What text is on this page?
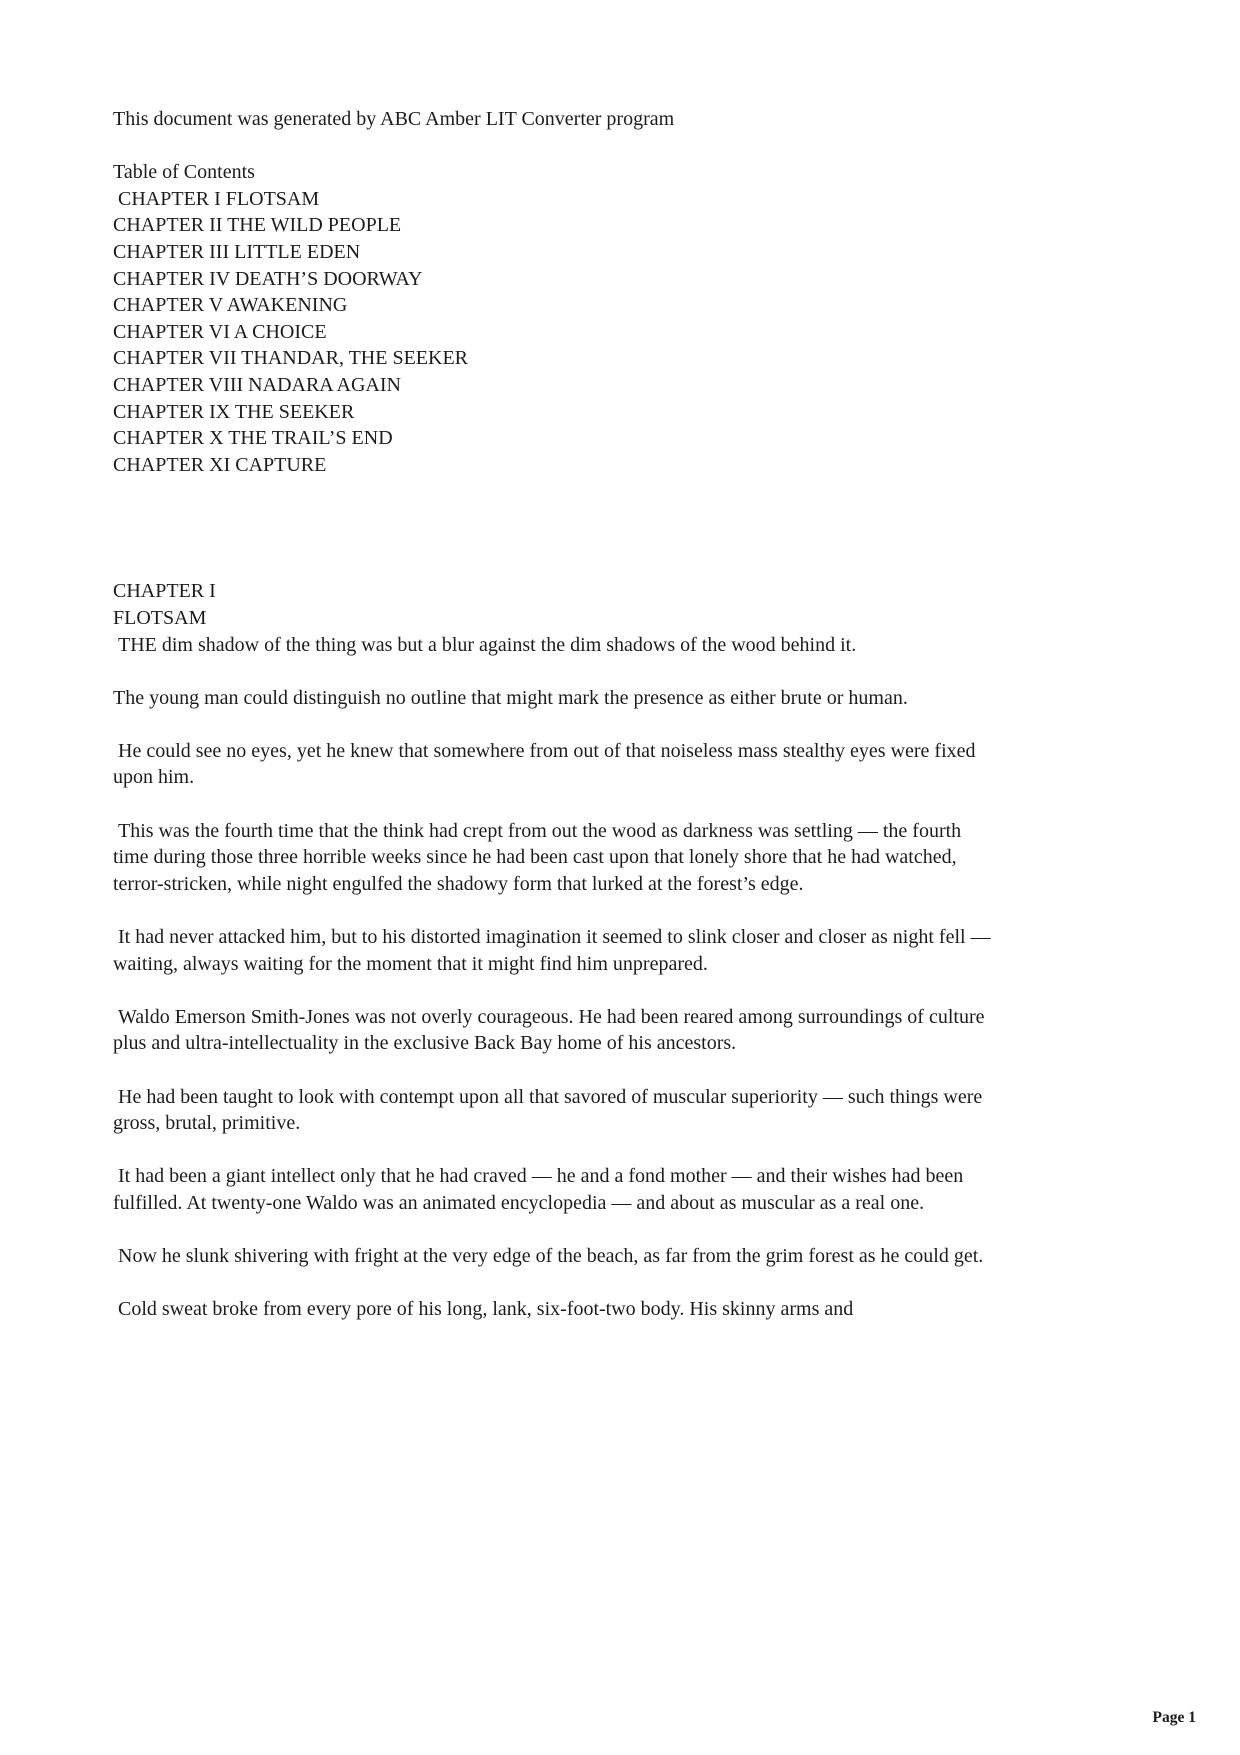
This document was generated by ABC Amber LIT Converter program

Table of Contents

CHAPTER I FLOTSAM

CHAPTER II THE WILD PEOPLE

CHAPTER III LITTLE EDEN

CHAPTER IV DEATH’S DOORWAY

CHAPTER V AWAKENING

CHAPTER VI A CHOICE

CHAPTER VII THANDAR, THE SEEKER

CHAPTER VIII NADARA AGAIN

CHAPTER IX THE SEEKER

CHAPTER X THE TRAIL’S END

CHAPTER XI CAPTURE

CHAPTER I

FLOTSAM

THE dim shadow of the thing was but a blur against the dim shadows of the wood behind it.

The young man could distinguish no outline that might mark the presence as either brute or human.

He could see no eyes, yet he knew that somewhere from out of that noiseless mass stealthy eyes were fixed upon him.

This was the fourth time that the think had crept from out the wood as darkness was settling — the fourth time during those three horrible weeks since he had been cast upon that lonely shore that he had watched, terror-stricken, while night engulfed the shadowy form that lurked at the forest’s edge.

It had never attacked him, but to his distorted imagination it seemed to slink closer and closer as night fell — waiting, always waiting for the moment that it might find him unprepared.

Waldo Emerson Smith-Jones was not overly courageous. He had been reared among surroundings of culture plus and ultra-intellectuality in the exclusive Back Bay home of his ancestors.

He had been taught to look with contempt upon all that savored of muscular superiority — such things were gross, brutal, primitive.

It had been a giant intellect only that he had craved — he and a fond mother — and their wishes had been fulfilled. At twenty-one Waldo was an animated encyclopedia — and about as muscular as a real one.

Now he slunk shivering with fright at the very edge of the beach, as far from the grim forest as he could get.

Cold sweat broke from every pore of his long, lank, six-foot-two body. His skinny arms and

Page 1
